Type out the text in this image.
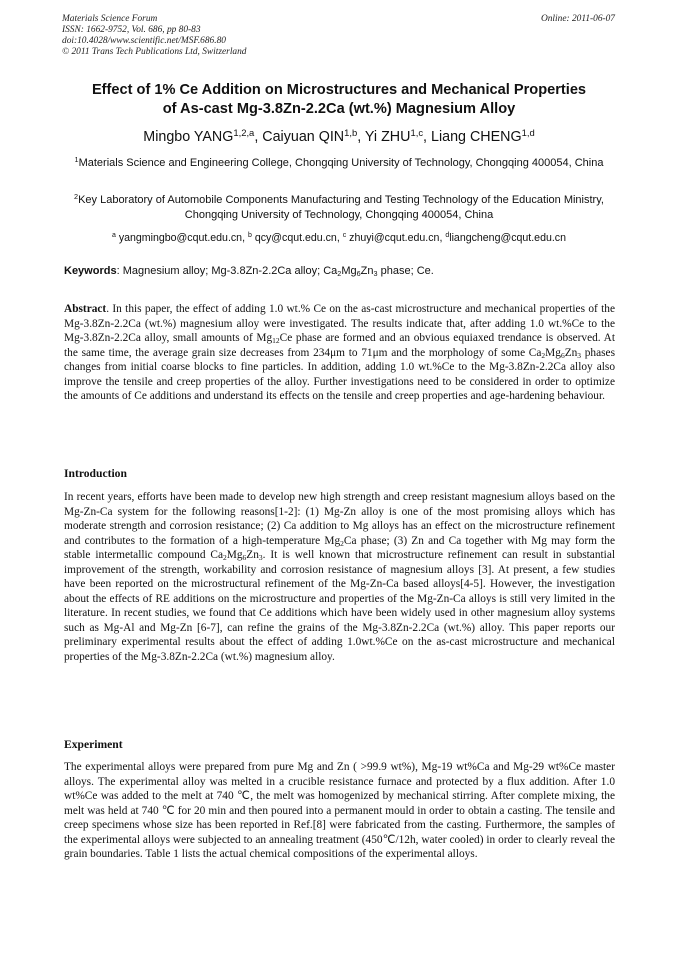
Materials Science Forum
ISSN: 1662-9752, Vol. 686, pp 80-83
doi:10.4028/www.scientific.net/MSF.686.80
© 2011 Trans Tech Publications Ltd, Switzerland
Online: 2011-06-07
Effect of 1% Ce Addition on Microstructures and Mechanical Properties
of As-cast Mg-3.8Zn-2.2Ca (wt.%) Magnesium Alloy
Mingbo YANG$^{1,2,a}$, Caiyuan QIN$^{1,b}$, Yi ZHU$^{1,c}$, Liang CHENG$^{1,d}$
$^1$Materials Science and Engineering College, Chongqing University of Technology, Chongqing 400054, China
$^2$Key Laboratory of Automobile Components Manufacturing and Testing Technology of the Education Ministry, Chongqing University of Technology, Chongqing 400054, China
$^a$ yangmingbo@cqut.edu.cn, $^b$ qcy@cqut.edu.cn, $^c$ zhuyi@cqut.edu.cn, $^d$liangcheng@cqut.edu.cn
Keywords: Magnesium alloy; Mg-3.8Zn-2.2Ca alloy; $Ca_2Mg_6Zn_3$ phase; Ce.
Abstract. In this paper, the effect of adding 1.0 wt.% Ce on the as-cast microstructure and mechanical properties of the Mg-3.8Zn-2.2Ca (wt.%) magnesium alloy were investigated. The results indicate that, after adding 1.0 wt.%Ce to the Mg-3.8Zn-2.2Ca alloy, small amounts of $Mg_{12}Ce$ phase are formed and an obvious equiaxed trendance is observed. At the same time, the average grain size decreases from 234μm to 71μm and the morphology of some $Ca_2Mg_6Zn_3$ phases changes from initial coarse blocks to fine particles. In addition, adding 1.0 wt.%Ce to the Mg-3.8Zn-2.2Ca alloy also improve the tensile and creep properties of the alloy. Further investigations need to be considered in order to optimize the amounts of Ce additions and understand its effects on the tensile and creep properties and age-hardening behaviour.
Introduction
In recent years, efforts have been made to develop new high strength and creep resistant magnesium alloys based on the Mg-Zn-Ca system for the following reasons[1-2]: (1) Mg-Zn alloy is one of the most promising alloys which has moderate strength and corrosion resistance; (2) Ca addition to Mg alloys has an effect on the microstructure refinement and contributes to the formation of a high-temperature $Mg_2Ca$ phase; (3) Zn and Ca together with Mg may form the stable intermetallic compound $Ca_2Mg_6Zn_3$. It is well known that microstructure refinement can result in substantial improvement of the strength, workability and corrosion resistance of magnesium alloys [3]. At present, a few studies have been reported on the microstructural refinement of the Mg-Zn-Ca based alloys[4-5]. However, the investigation about the effects of RE additions on the microstructure and properties of the Mg-Zn-Ca alloys is still very limited in the literature. In recent studies, we found that Ce additions which have been widely used in other magnesium alloy systems such as Mg-Al and Mg-Zn [6-7], can refine the grains of the Mg-3.8Zn-2.2Ca (wt.%) alloy. This paper reports our preliminary experimental results about the effect of adding 1.0wt.%Ce on the as-cast microstructure and mechanical properties of the Mg-3.8Zn-2.2Ca (wt.%) magnesium alloy.
Experiment
The experimental alloys were prepared from pure Mg and Zn ( >99.9 wt%), Mg-19 wt%Ca and Mg-29 wt%Ce master alloys. The experimental alloy was melted in a crucible resistance furnace and protected by a flux addition. After 1.0 wt%Ce was added to the melt at 740 ℃, the melt was homogenized by mechanical stirring. After complete mixing, the melt was held at 740 ℃ for 20 min and then poured into a permanent mould in order to obtain a casting. The tensile and creep specimens whose size has been reported in Ref.[8] were fabricated from the casting. Furthermore, the samples of the experimental alloys were subjected to an annealing treatment (450℃/12h, water cooled) in order to clearly reveal the grain boundaries. Table 1 lists the actual chemical compositions of the experimental alloys.
